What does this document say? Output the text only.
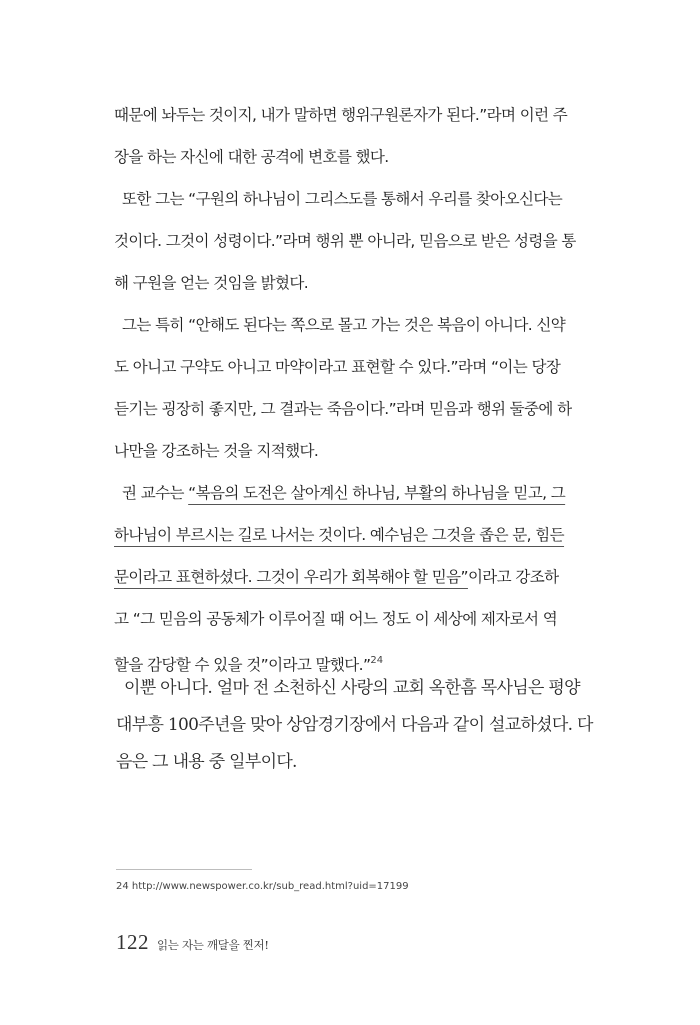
때문에 놔두는 것이지, 내가 말하면 행위구원론자가 된다.”라며 이런 주
장을 하는 자신에 대한 공격에 변호를 했다.
또한 그는 “구원의 하나님이 그리스도를 통해서 우리를 찾아오신다는
것이다. 그것이 성령이다.”라며 행위 뿐 아니라, 믿음으로 받은 성령을 통
해 구원을 얻는 것임을 밝혔다.
그는 특히 “안해도 된다는 쪽으로 몰고 가는 것은 복음이 아니다. 신약
도 아니고 구약도 아니고 마약이라고 표현할 수 있다.”라며 “이는 당장
듣기는 굉장히 좋지만, 그 결과는 죽음이다.”라며 믿음과 행위 둘중에 하
나만을 강조하는 것을 지적했다.
권 교수는 “복음의 도전은 살아계신 하나님, 부활의 하나님을 믿고, 그
하나님이 부르시는 길로 나서는 것이다. 예수님은 그것을 좁은 문, 힘든
문이라고 표현하셨다. 그것이 우리가 회복해야 할 믿음”이라고 강조하
고 “그 믿음의 공동체가 이루어질 때 어느 정도 이 세상에 제자로서 역
할을 감당할 수 있을 것”이라고 말했다.”$^{24}$
이뿐 아니다. 얼마 전 소천하신 사랑의 교회 옥한흠 목사님은 평양
대부흥 100주년을 맞아 상암경기장에서 다음과 같이 설교하셨다. 다
음은 그 내용 중 일부이다.
24 http://www.newspower.co.kr/sub_read.html?uid=17199
122 읽는 자는 깨달을 찐저!
